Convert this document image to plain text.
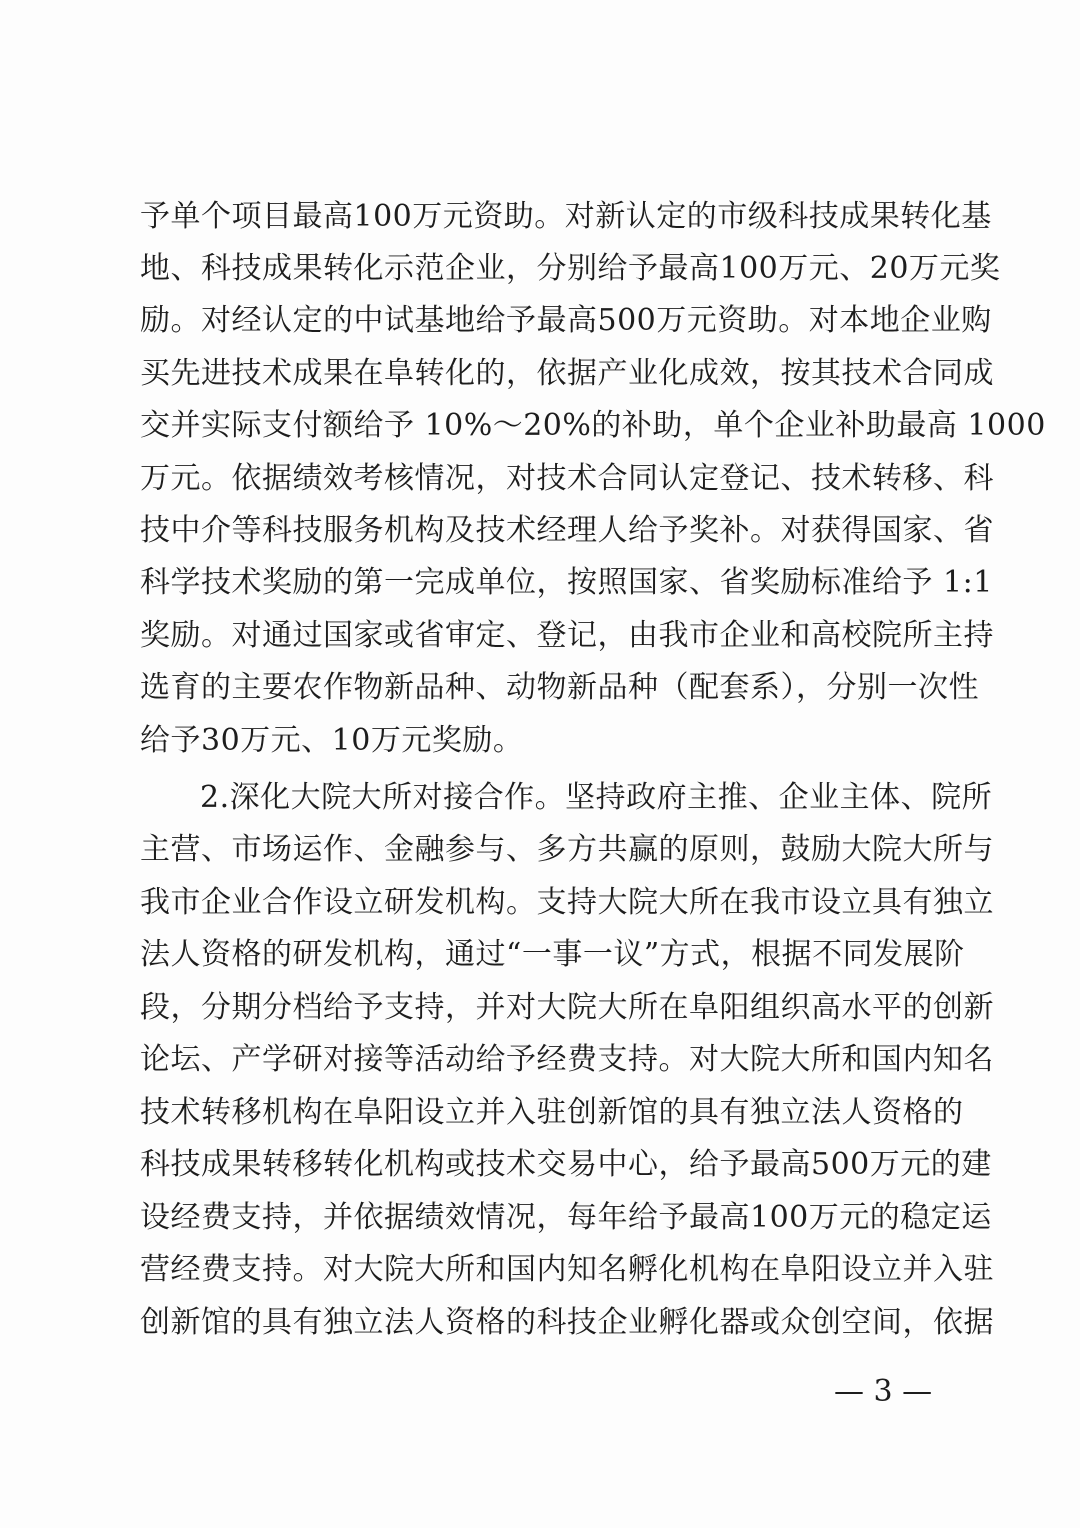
予单个项目最高100万元资助。对新认定的市级科技成果转化基
地、科技成果转化示范企业，分别给予最高100万元、20万元奖
励。对经认定的中试基地给予最高500万元资助。对本地企业购
买先进技术成果在阜转化的，依据产业化成效，按其技术合同成
交并实际支付额给予 10%～20%的补助，单个企业补助最高 1000
万元。依据绩效考核情况，对技术合同认定登记、技术转移、科
技中介等科技服务机构及技术经理人给予奖补。对获得国家、省
科学技术奖励的第一完成单位，按照国家、省奖励标准给予 1:1
奖励。对通过国家或省审定、登记，由我市企业和高校院所主持
选育的主要农作物新品种、动物新品种（配套系），分别一次性
给予30万元、10万元奖励。
2.深化大院大所对接合作。坚持政府主推、企业主体、院所
主营、市场运作、金融参与、多方共赢的原则，鼓励大院大所与
我市企业合作设立研发机构。支持大院大所在我市设立具有独立
法人资格的研发机构，通过“一事一议”方式，根据不同发展阶
段，分期分档给予支持，并对大院大所在阜阳组织高水平的创新
论坛、产学研对接等活动给予经费支持。对大院大所和国内知名
技术转移机构在阜阳设立并入驻创新馆的具有独立法人资格的
科技成果转移转化机构或技术交易中心，给予最高500万元的建
设经费支持，并依据绩效情况，每年给予最高100万元的稳定运
营经费支持。对大院大所和国内知名孵化机构在阜阳设立并入驻
创新馆的具有独立法人资格的科技企业孵化器或众创空间，依据
— 3 —
